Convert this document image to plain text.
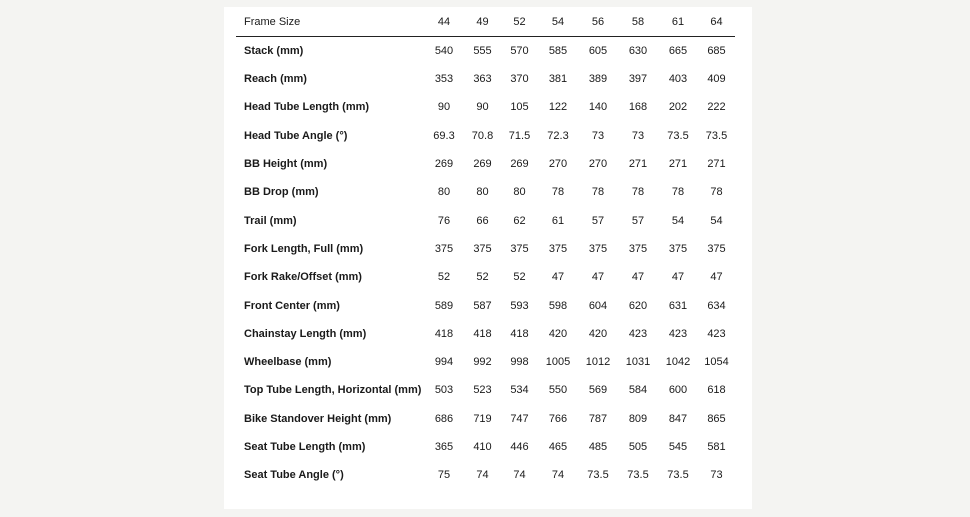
Frame Size	44	49	52	54	56	58	61	64
Stack (mm)	540	555	570	585	605	630	665	685
Reach (mm)	353	363	370	381	389	397	403	409
Head Tube Length (mm)	90	90	105	122	140	168	202	222
Head Tube Angle (°)	69.3	70.8	71.5	72.3	73	73	73.5	73.5
BB Height (mm)	269	269	269	270	270	271	271	271
BB Drop (mm)	80	80	80	78	78	78	78	78
Trail (mm)	76	66	62	61	57	57	54	54
Fork Length, Full (mm)	375	375	375	375	375	375	375	375
Fork Rake/Offset (mm)	52	52	52	47	47	47	47	47
Front Center (mm)	589	587	593	598	604	620	631	634
Chainstay Length (mm)	418	418	418	420	420	423	423	423
Wheelbase (mm)	994	992	998	1005	1012	1031	1042	1054
Top Tube Length, Horizontal (mm)	503	523	534	550	569	584	600	618
Bike Standover Height (mm)	686	719	747	766	787	809	847	865
Seat Tube Length (mm)	365	410	446	465	485	505	545	581
Seat Tube Angle (°)	75	74	74	74	73.5	73.5	73.5	73
